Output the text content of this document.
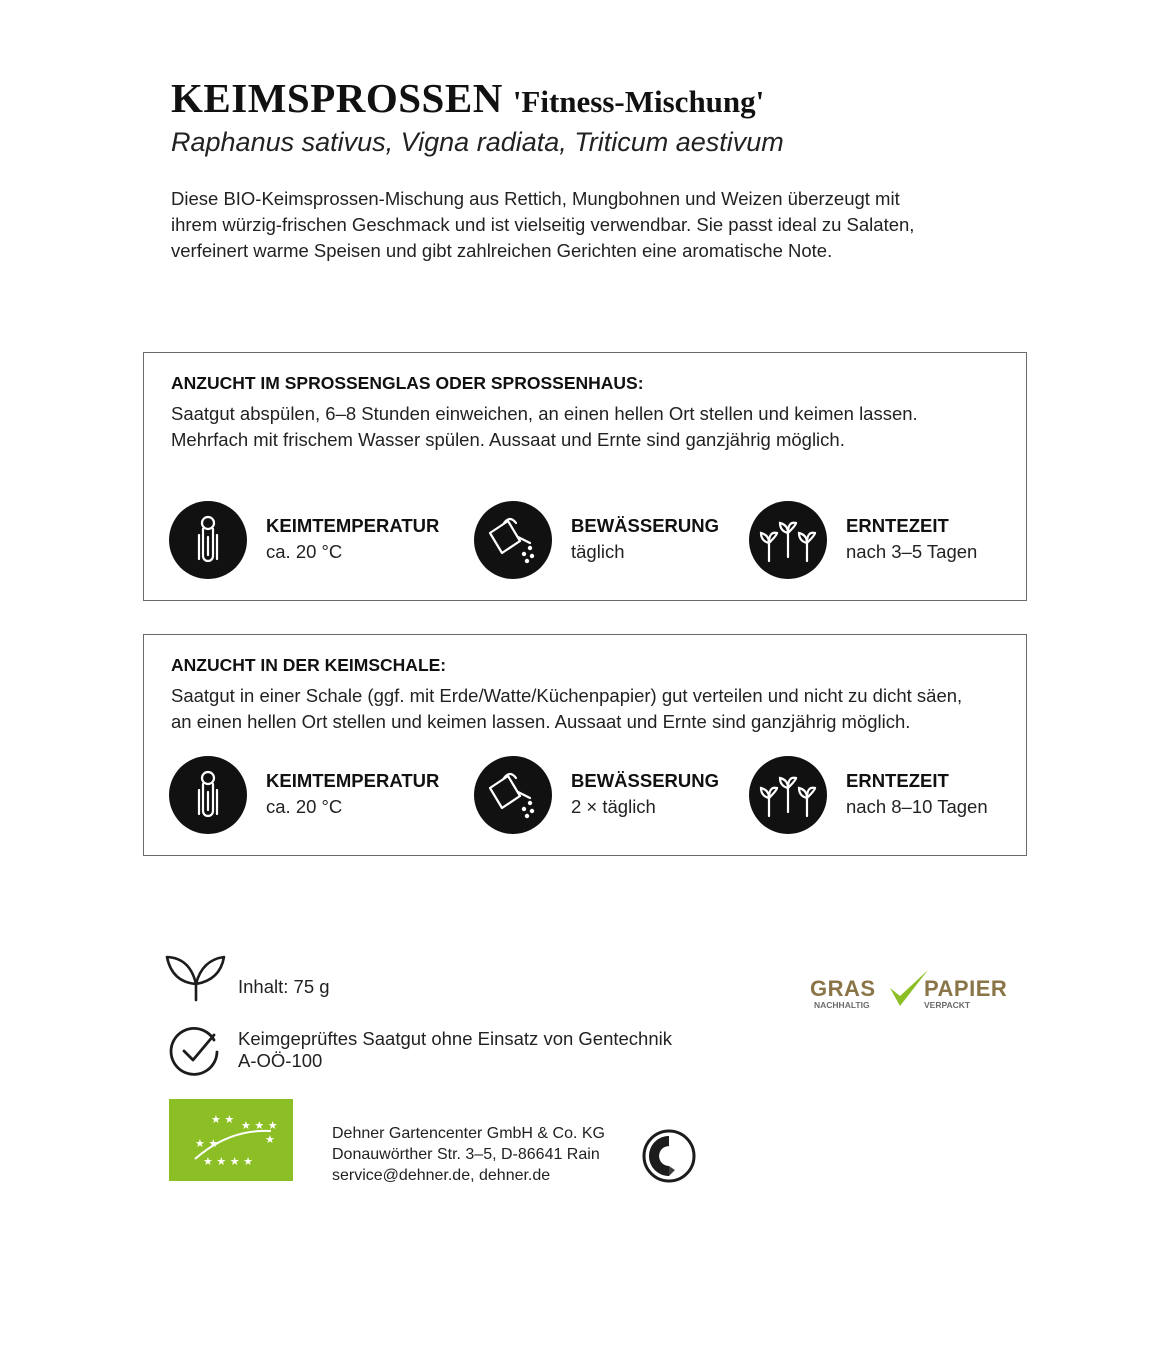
KEIMSPROSSEN 'Fitness-Mischung'
Raphanus sativus, Vigna radiata, Triticum aestivum

Diese BIO-Keimsprossen-Mischung aus Rettich, Mungbohnen und Weizen überzeugt mit

ihrem würzig-frischen Geschmack und ist vielseitig verwendbar. Sie passt ideal zu Salaten,

verfeinert warme Speisen und gibt zahlreichen Gerichten eine aromatische Note.

ANZUCHT IM SPROSSENGLAS ODER SPROSSENHAUS:

Saatgut abspülen, 6–8 Stunden einweichen, an einen hellen Ort stellen und keimen lassen.

Mehrfach mit frischem Wasser spülen. Aussaat und Ernte sind ganzjährig möglich.

KEIMTEMPERATUR
ca. 20 °C
BEWÄSSERUNG
täglich
ERNTEZEIT
nach 3–5 Tagen
ANZUCHT IN DER KEIMSCHALE:

Saatgut in einer Schale (ggf. mit Erde/Watte/Küchenpapier) gut verteilen und nicht zu dicht säen,

an einen hellen Ort stellen und keimen lassen. Aussaat und Ernte sind ganzjährig möglich.

KEIMTEMPERATUR
ca. 20 °C
BEWÄSSERUNG
2 × täglich
ERNTEZEIT
nach 8–10 Tagen
Inhalt: 75 g
Keimgeprüftes Saatgut ohne Einsatz von Gentechnik
A-OÖ-100
★ ★ ★ ★
★ ★
★ ★ ★
★ ★
★	Dehner Gartencenter GmbH & Co. KG

Donauwörther Str. 3–5, D-86641 Rain

service@dehner.de, dehner.de

GRAS PAPIER
NACHHALTIG	VERPACKT
